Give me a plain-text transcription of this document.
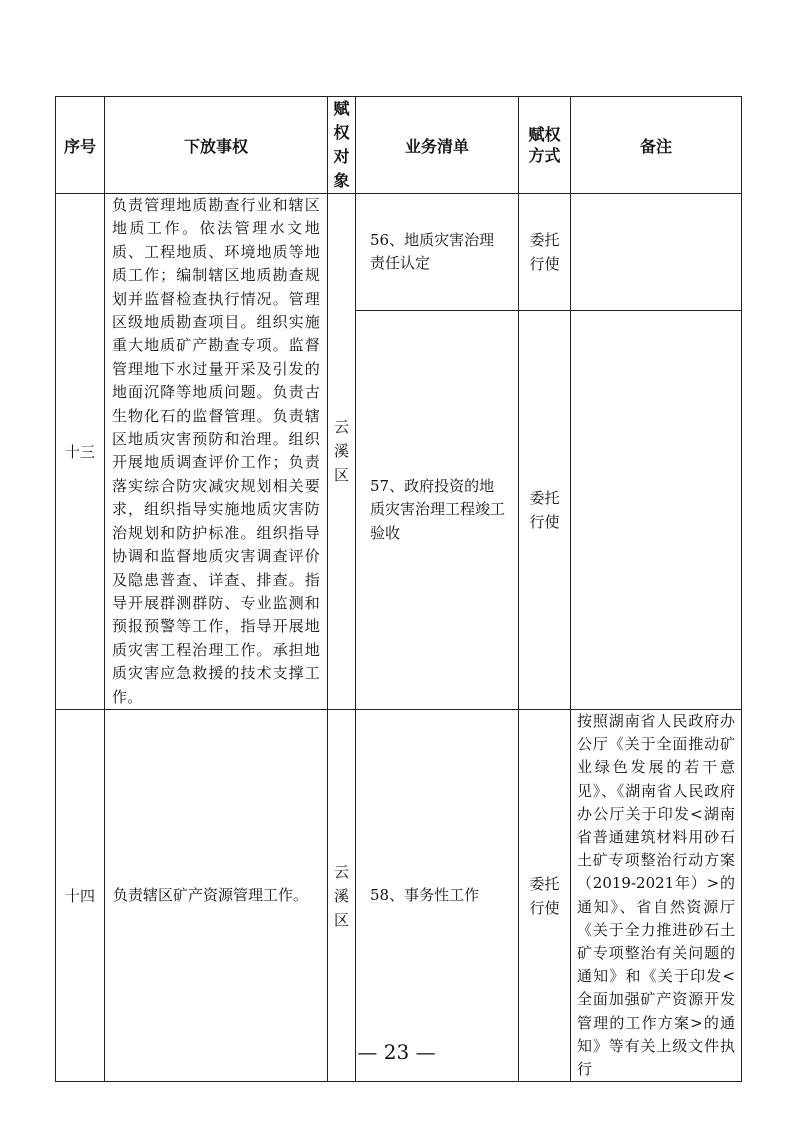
序号	下放事权	赋权对象	业务清单	赋权方式	备注
十三	负责管理地质勘查行业和辖区地质工作。依法管理水文地质、工程地质、环境地质等地质工作；编制辖区地质勘查规划并监督检查执行情况。管理区级地质勘查项目。组织实施重大地质矿产勘查专项。监督管理地下水过量开采及引发的地面沉降等地质问题。负责古生物化石的监督管理。负责辖区地质灾害预防和治理。组织开展地质调查评价工作；负责落实综合防灾减灾规划相关要求，组织指导实施地质灾害防治规划和防护标准。组织指导协调和监督地质灾害调查评价及隐患普查、详查、排查。指导开展群测群防、专业监测和预报预警等工作，指导开展地质灾害工程治理工作。承担地质灾害应急救援的技术支撑工作。	云溪区	56、地质灾害治理责任认定	委托行使	

			57、政府投资的地质灾害治理工程竣工验收	委托行使	

十四	负责辖区矿产资源管理工作。	云溪区	58、事务性工作	委托行使	按照湖南省人民政府办公厅《关于全面推动矿业绿色发展的若干意见》、《湖南省人民政府办公厅关于印发<湖南省普通建筑材料用砂石土矿专项整治行动方案（2019-2021年）>的通知》、省自然资源厅《关于全力推进砂石土矿专项整治有关问题的通知》和《关于印发<全面加强矿产资源开发管理的工作方案>的通知》等有关上级文件执行
— 23 —
